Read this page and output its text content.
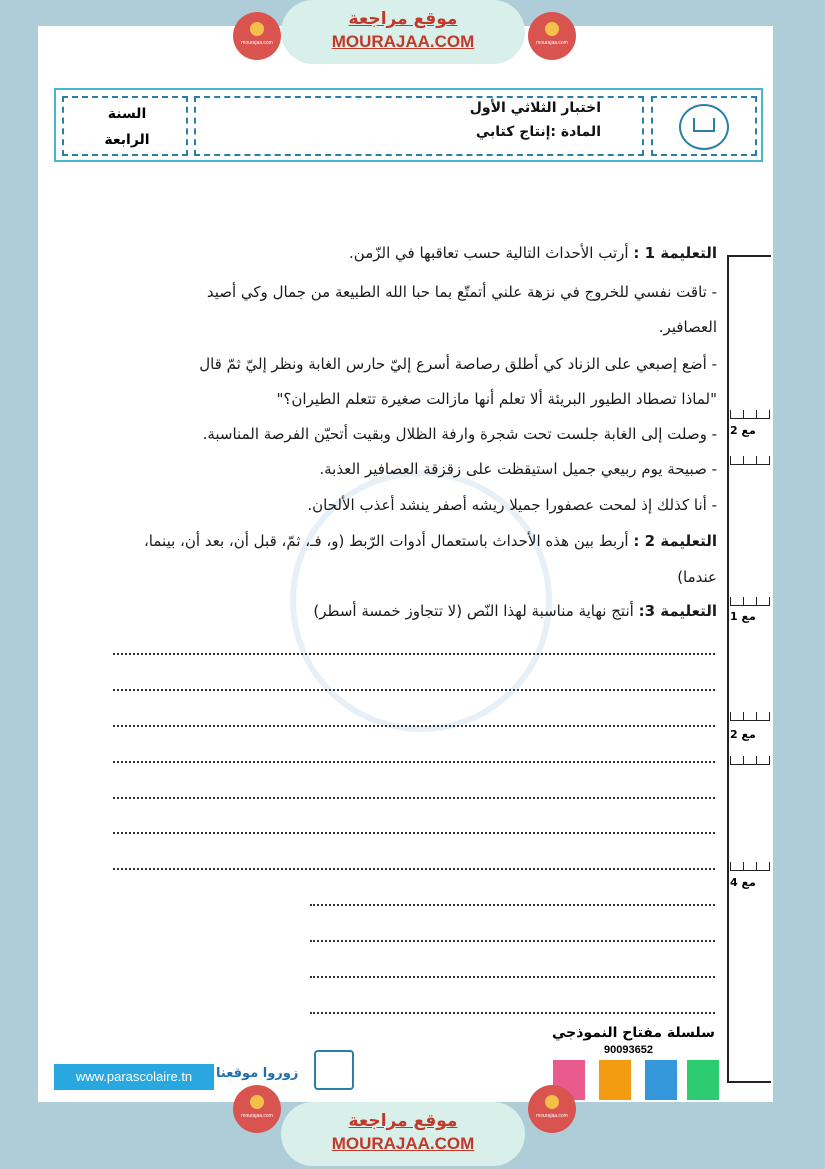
mourajaa.com
موقع مراجعة
MOURAJAA.COM	mourajaa.com
السنة
الرابعة
اختبار الثلاثي الأول
المادة :إنتاج كتابي
التعليمة 1 : أرتب الأحداث التالية حسب تعاقبها في الزّمن.
- تاقت نفسي للخروج في نزهة علني أتمتّع بما حبا الله الطبيعة من جمال وكي أصيد
العصافير.
- أضع إصبعي على الزناد كي أطلق رصاصة أسرع إليّ حارس الغابة ونظر إليّ ثمّ قال
"لماذا تصطاد الطيور البريئة ألا تعلم أنها مازالت صغيرة تتعلم الطيران؟"
- وصلت إلى الغابة جلست تحت شجرة وارفة الظلال وبقيت أتحيّن الفرصة المناسبة.
- صبيحة يوم ربيعي جميل استيقظت على زقزقة العصافير العذبة.
- أنا كذلك إذ لمحت عصفورا جميلا ريشه أصفر ينشد أعذب الألحان.
التعليمة 2 : أربط بين هذه الأحداث باستعمال أدوات الرّبط (و، فـ، ثمّ، قبل أن، بعد أن، بينما،
عندما)
التعليمة 3: أنتج نهاية مناسبة لهذا النّص (لا تتجاوز خمسة أسطر)
مع 2
مع 1
مع 2
مع 4
سلسلة مفتاح النموذجي
90093652
www.parascolaire.tn	زوروا موقعنا
mourajaa.com	موقع مراجعة
MOURAJAA.COM
mourajaa.com
